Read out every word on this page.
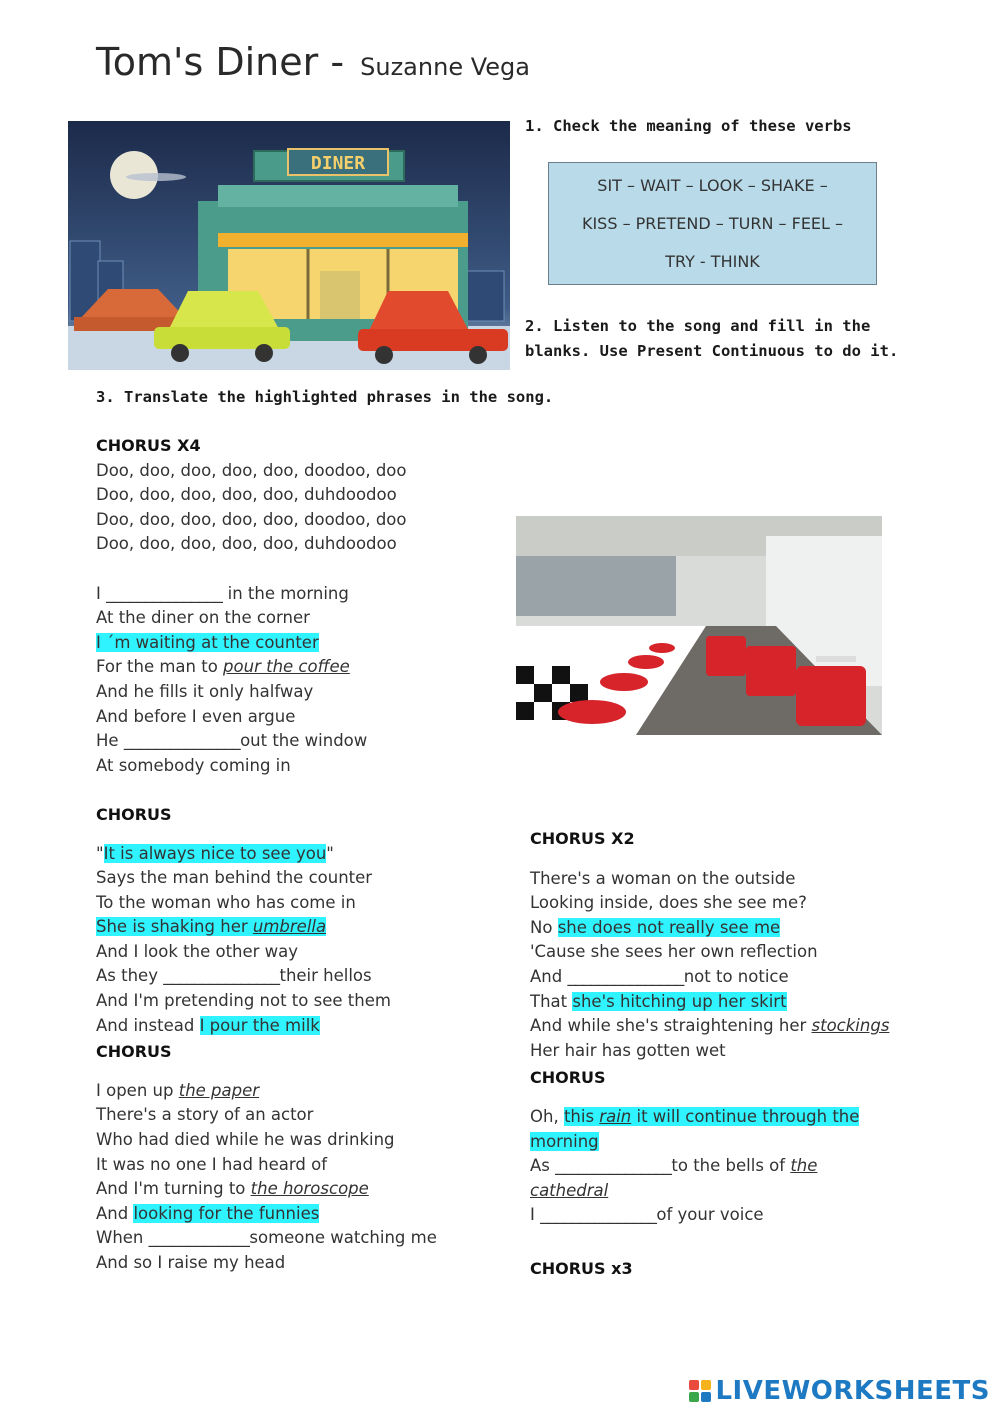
Tom's Diner - Suzanne Vega
DINER
1. Check the meaning of these verbs
SIT – WAIT – LOOK – SHAKE –
KISS – PRETEND – TURN – FEEL –
TRY - THINK
2. Listen to the song and fill in the
blanks. Use Present Continuous to do it.
3. Translate the highlighted phrases in the song.
CHORUS X4
Doo, doo, doo, doo, doo, doodoo, doo
Doo, doo, doo, doo, doo, duhdoodoo
Doo, doo, doo, doo, doo, doodoo, doo
Doo, doo, doo, doo, doo, duhdoodoo
I _______________ in the morning
At the diner on the corner
I ´m waiting at the counter
For the man to pour the coffee
And he fills it only halfway
And before I even argue
He _______________out the window
At somebody coming in
CHORUS
"It is always nice to see you"
Says the man behind the counter
To the woman who has come in
She is shaking her umbrella
And I look the other way
As they _______________their hellos
And I'm pretending not to see them
And instead I pour the milk
CHORUS
I open up the paper
There's a story of an actor
Who had died while he was drinking
It was no one I had heard of
And I'm turning to the horoscope
And looking for the funnies
When _____________someone watching me
And so I raise my head
CHORUS X2
There's a woman on the outside
Looking inside, does she see me?
No she does not really see me
'Cause she sees her own reflection
And _______________not to notice
That she's hitching up her skirt
And while she's straightening her stockings
Her hair has gotten wet
CHORUS
Oh, this rain it will continue through the
morning
As _______________to the bells of the
cathedral
I _______________of your voice
CHORUS x3
LIVEWORKSHEETS
